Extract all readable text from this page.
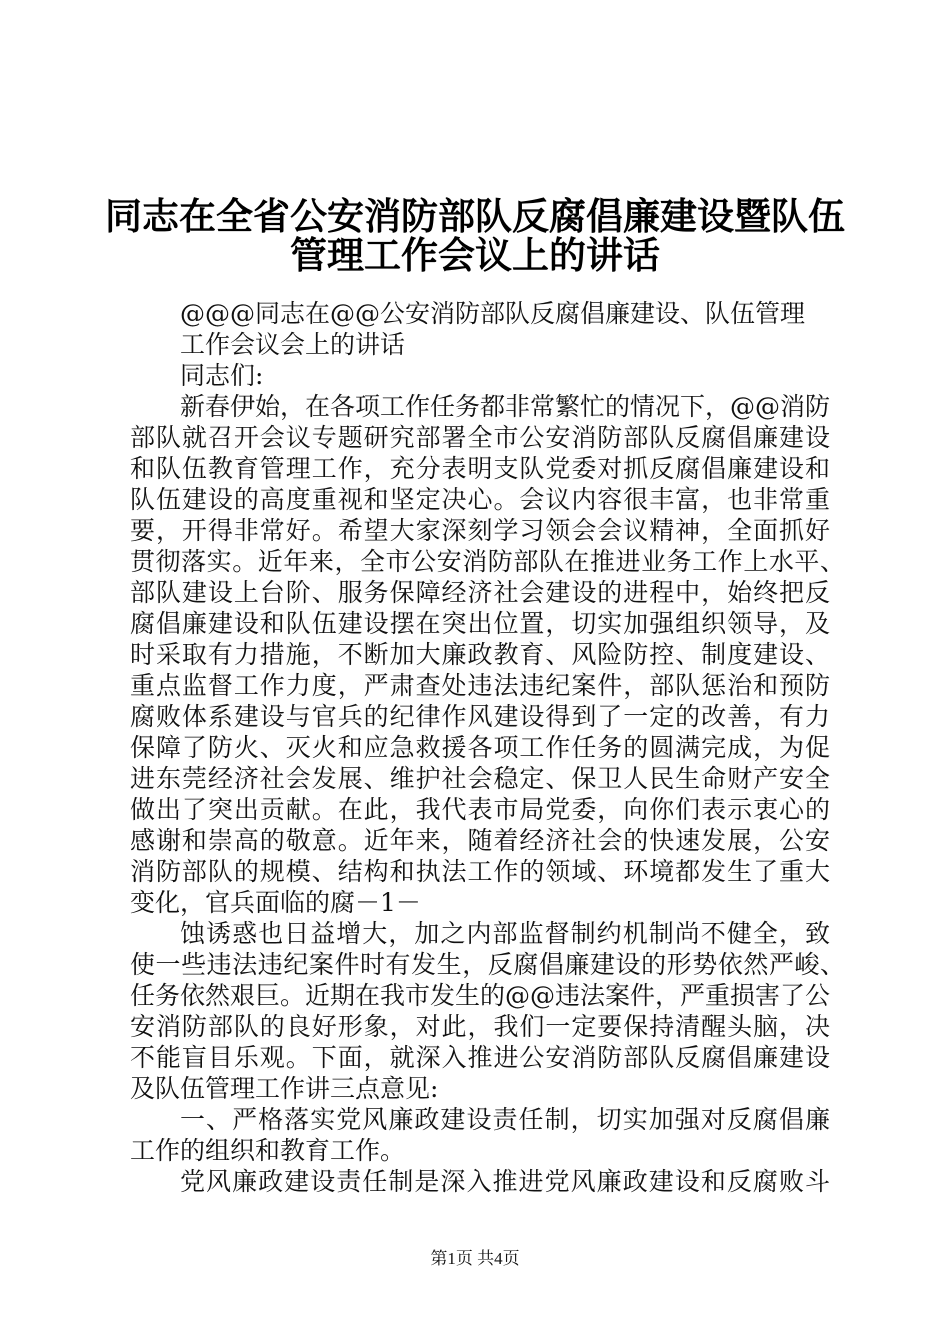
同志在全省公安消防部队反腐倡廉建设暨队伍
管理工作会议上的讲话

@@@同志在@@公安消防部队反腐倡廉建设、队伍管理

工作会议会上的讲话

同志们:

新春伊始，在各项工作任务都非常繁忙的情况下，@@消防

部队就召开会议专题研究部署全市公安消防部队反腐倡廉建设

和队伍教育管理工作，充分表明支队党委对抓反腐倡廉建设和

队伍建设的高度重视和坚定决心。会议内容很丰富，也非常重

要，开得非常好。希望大家深刻学习领会会议精神，全面抓好

贯彻落实。近年来，全市公安消防部队在推进业务工作上水平、

部队建设上台阶、服务保障经济社会建设的进程中，始终把反

腐倡廉建设和队伍建设摆在突出位置，切实加强组织领导，及

时采取有力措施，不断加大廉政教育、风险防控、制度建设、

重点监督工作力度，严肃查处违法违纪案件，部队惩治和预防

腐败体系建设与官兵的纪律作风建设得到了一定的改善，有力

保障了防火、灭火和应急救援各项工作任务的圆满完成，为促

进东莞经济社会发展、维护社会稳定、保卫人民生命财产安全

做出了突出贡献。在此，我代表市局党委，向你们表示衷心的

感谢和崇高的敬意。近年来，随着经济社会的快速发展，公安

消防部队的规模、结构和执法工作的领域、环境都发生了重大

变化，官兵面临的腐－1－

蚀诱惑也日益增大，加之内部监督制约机制尚不健全，致

使一些违法违纪案件时有发生，反腐倡廉建设的形势依然严峻、

任务依然艰巨。近期在我市发生的@@违法案件，严重损害了公

安消防部队的良好形象，对此，我们一定要保持清醒头脑，决

不能盲目乐观。下面，就深入推进公安消防部队反腐倡廉建设

及队伍管理工作讲三点意见:

一、严格落实党风廉政建设责任制，切实加强对反腐倡廉

工作的组织和教育工作。

党风廉政建设责任制是深入推进党风廉政建设和反腐败斗

第1页 共4页
